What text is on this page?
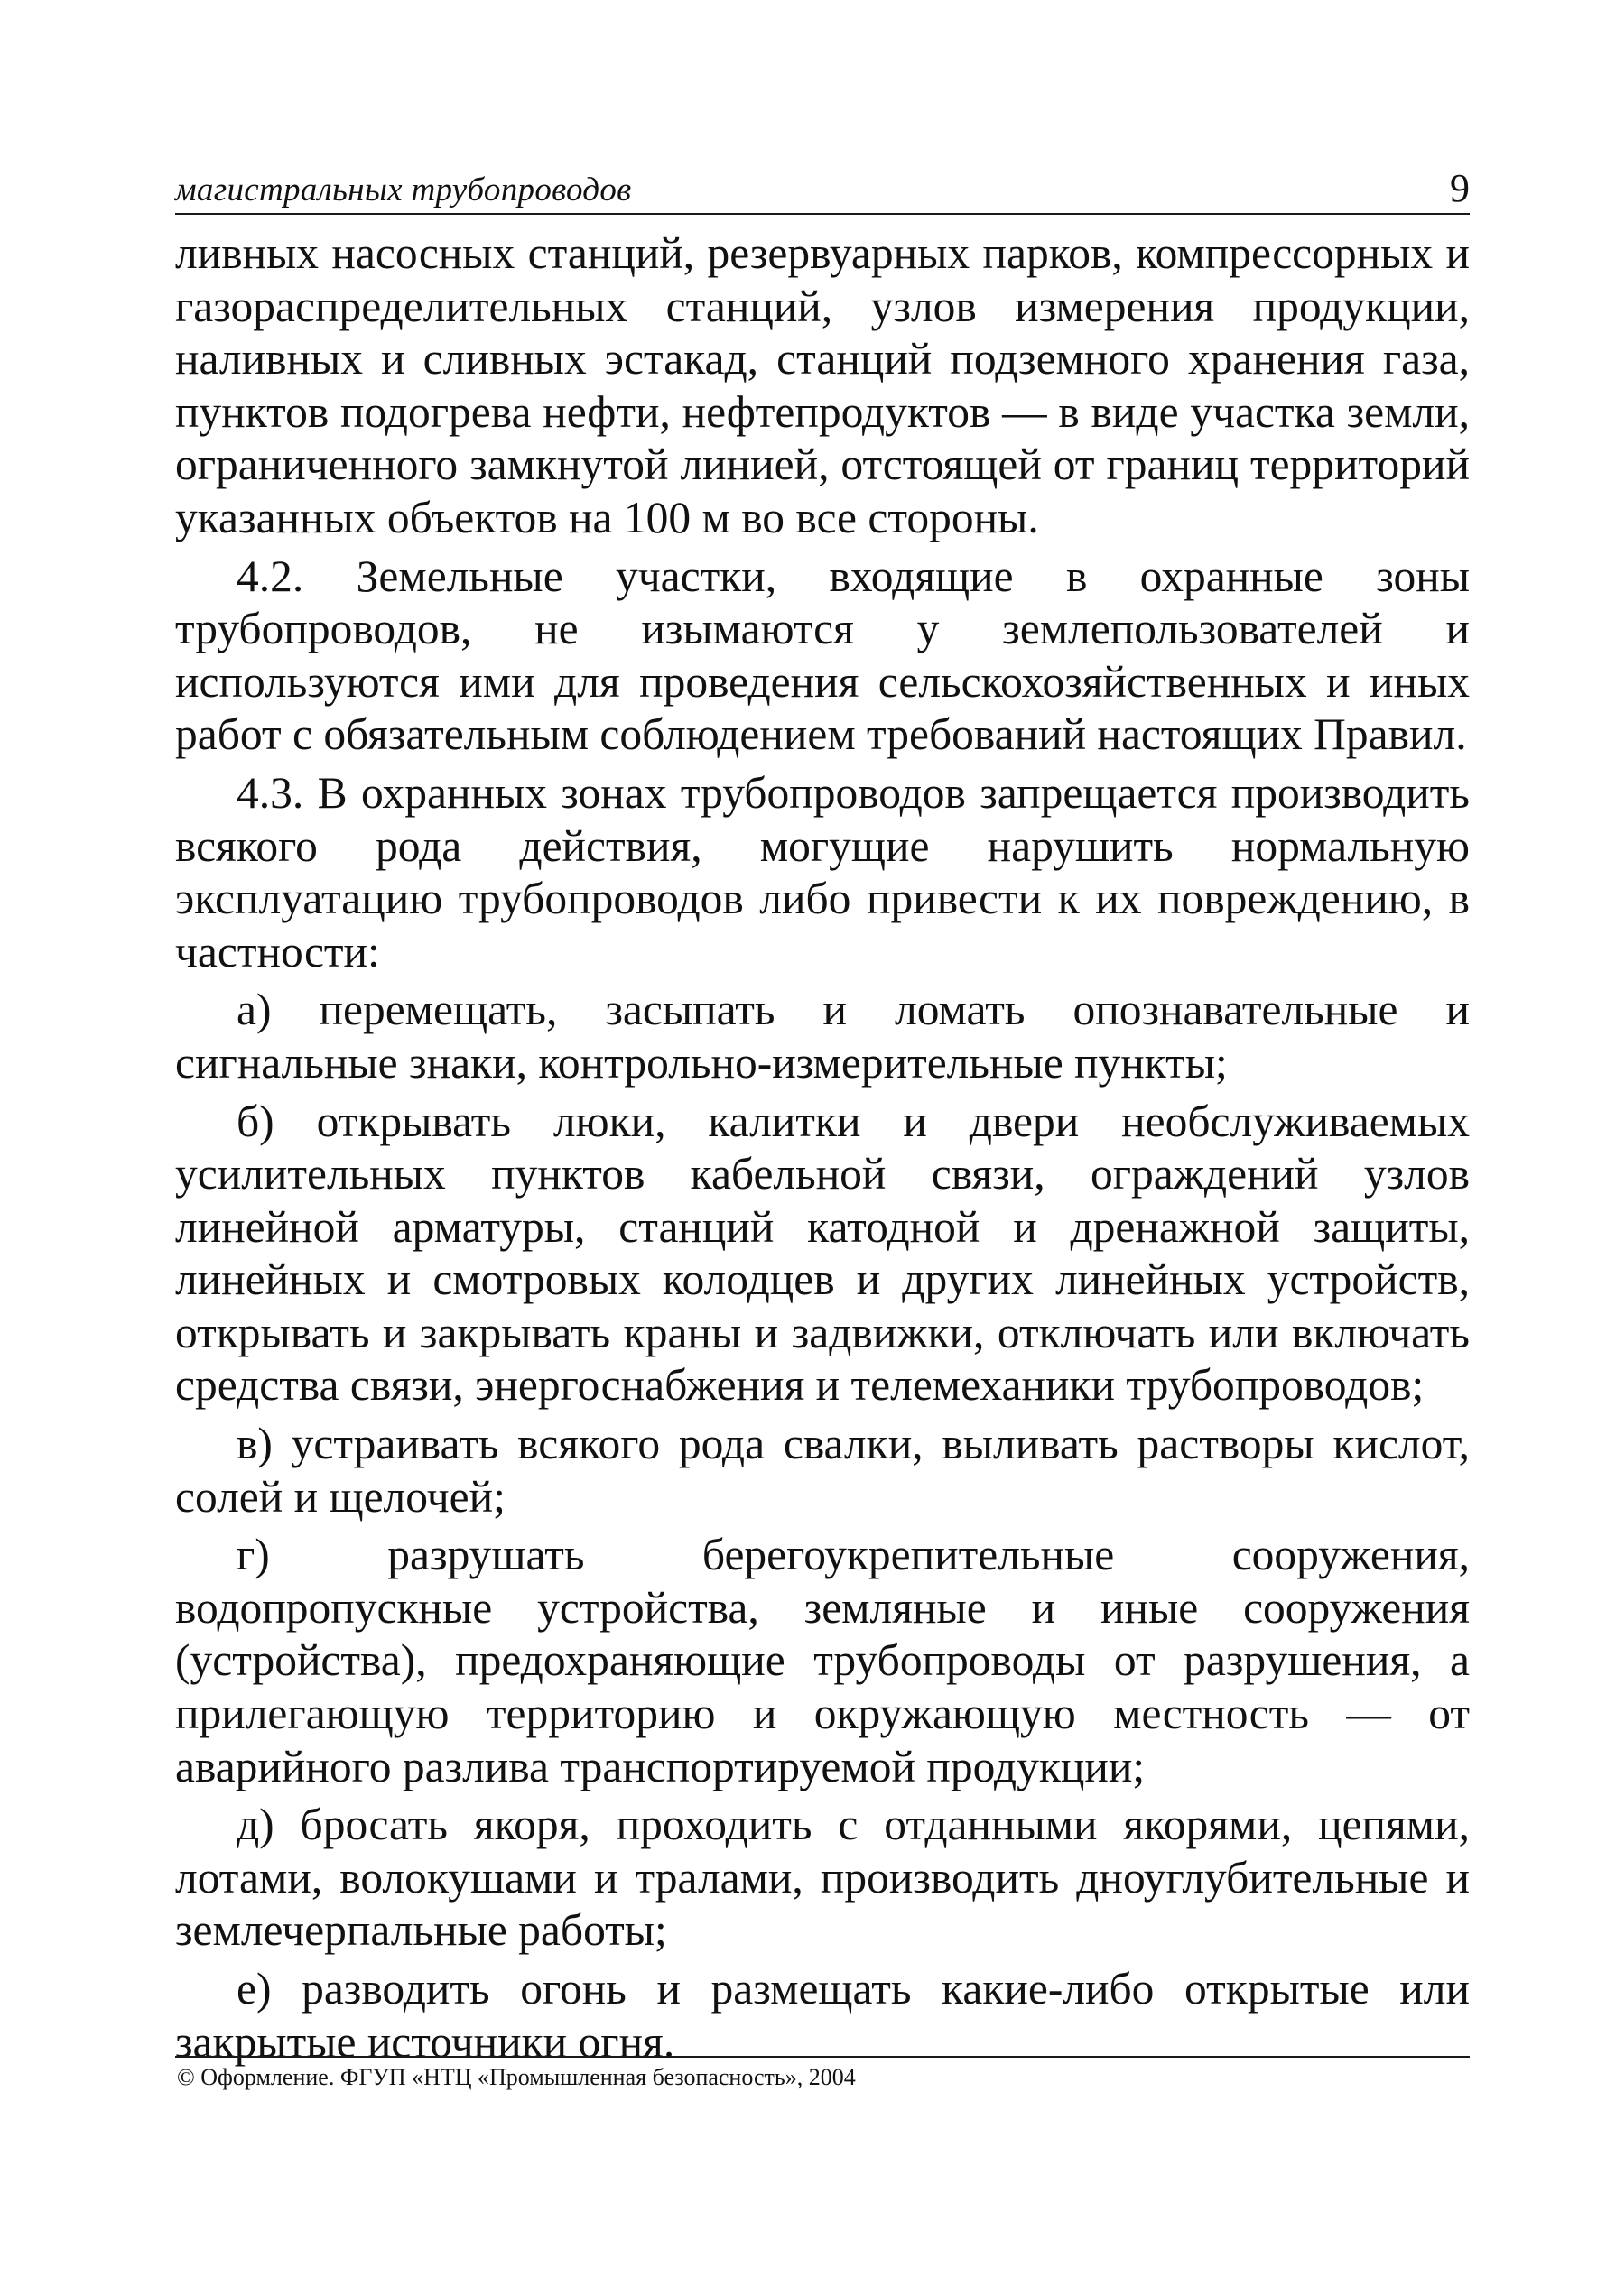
магистральных трубопроводов	9

ливных насосных станций, резервуарных парков, компрессорных и газораспределительных станций, узлов измерения продукции, наливных и сливных эстакад, станций подземного хранения газа, пунктов подогрева нефти, нефтепродуктов — в виде участка земли, ограниченного замкнутой линией, отстоящей от границ территорий указанных объектов на 100 м во все стороны.

4.2. Земельные участки, входящие в охранные зоны трубопроводов, не изымаются у землепользователей и используются ими для проведения сельскохозяйственных и иных работ с обязательным соблюдением требований настоящих Правил.

4.3. В охранных зонах трубопроводов запрещается производить всякого рода действия, могущие нарушить нормальную эксплуатацию трубопроводов либо привести к их повреждению, в частности:

а) перемещать, засыпать и ломать опознавательные и сигнальные знаки, контрольно-измерительные пункты;

б) открывать люки, калитки и двери необслуживаемых усилительных пунктов кабельной связи, ограждений узлов линейной арматуры, станций катодной и дренажной защиты, линейных и смотровых колодцев и других линейных устройств, открывать и закрывать краны и задвижки, отключать или включать средства связи, энергоснабжения и телемеханики трубопроводов;

в) устраивать всякого рода свалки, выливать растворы кислот, солей и щелочей;

г) разрушать берегоукрепительные сооружения, водопропускные устройства, земляные и иные сооружения (устройства), предохраняющие трубопроводы от разрушения, а прилегающую территорию и окружающую местность — от аварийного разлива транспортируемой продукции;

д) бросать якоря, проходить с отданными якорями, цепями, лотами, волокушами и тралами, производить дноуглубительные и землечерпальные работы;

е) разводить огонь и размещать какие-либо открытые или закрытые источники огня.

© Оформление. ФГУП «НТЦ «Промышленная безопасность», 2004
